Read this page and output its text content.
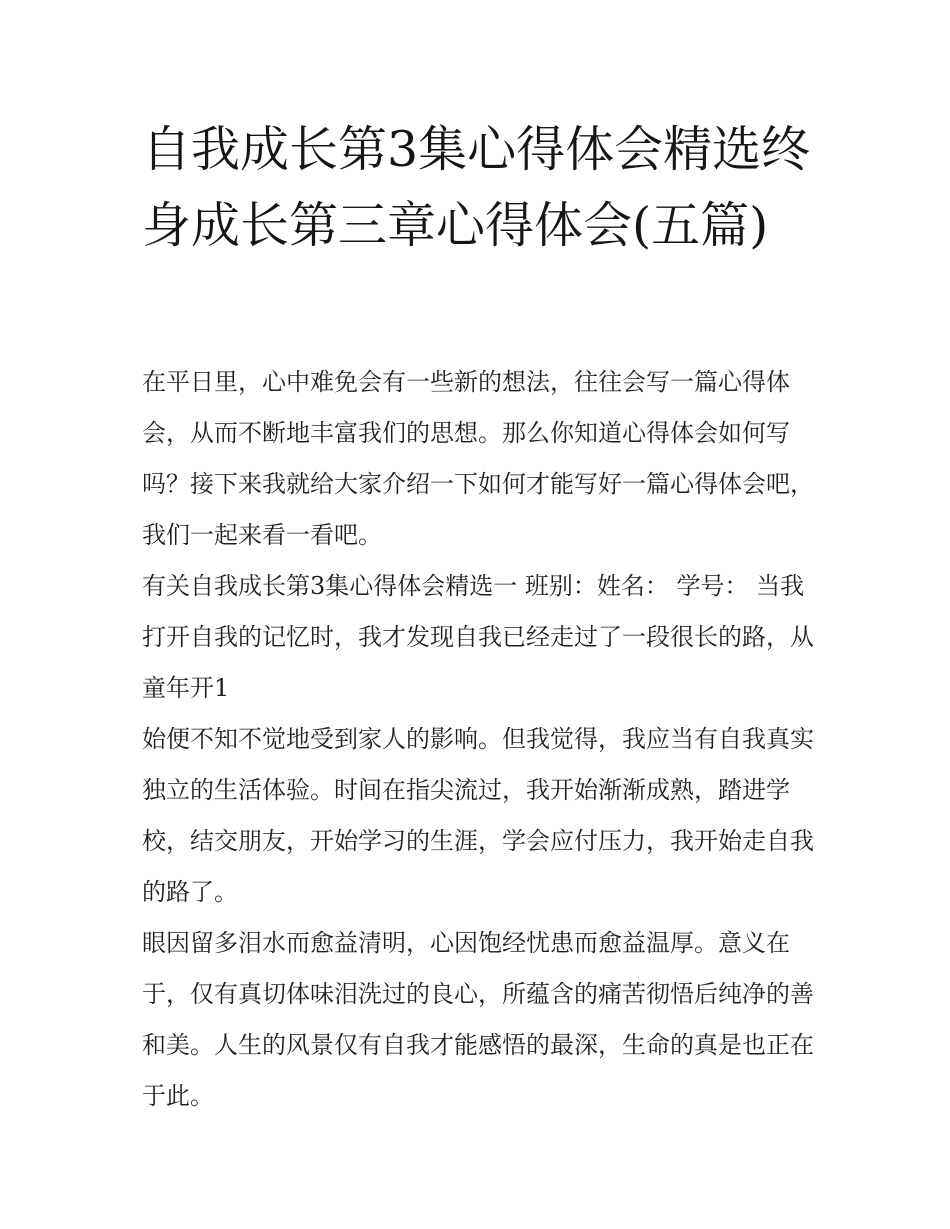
自我成长第3集心得体会精选终身成长第三章心得体会(五篇)

在平日里，心中难免会有一些新的想法，往往会写一篇心得体会，从而不断地丰富我们的思想。那么你知道心得体会如何写吗？接下来我就给大家介绍一下如何才能写好一篇心得体会吧，我们一起来看一看吧。

有关自我成长第3集心得体会精选一 班别：姓名： 学号： 当我打开自我的记忆时，我才发现自我已经走过了一段很长的路，从童年开1

始便不知不觉地受到家人的影响。但我觉得，我应当有自我真实独立的生活体验。时间在指尖流过，我开始渐渐成熟，踏进学校，结交朋友，开始学习的生涯，学会应付压力，我开始走自我的路了。

眼因留多泪水而愈益清明，心因饱经忧患而愈益温厚。意义在于，仅有真切体味泪洗过的良心，所蕴含的痛苦彻悟后纯净的善和美。人生的风景仅有自我才能感悟的最深，生命的真是也正在于此。
